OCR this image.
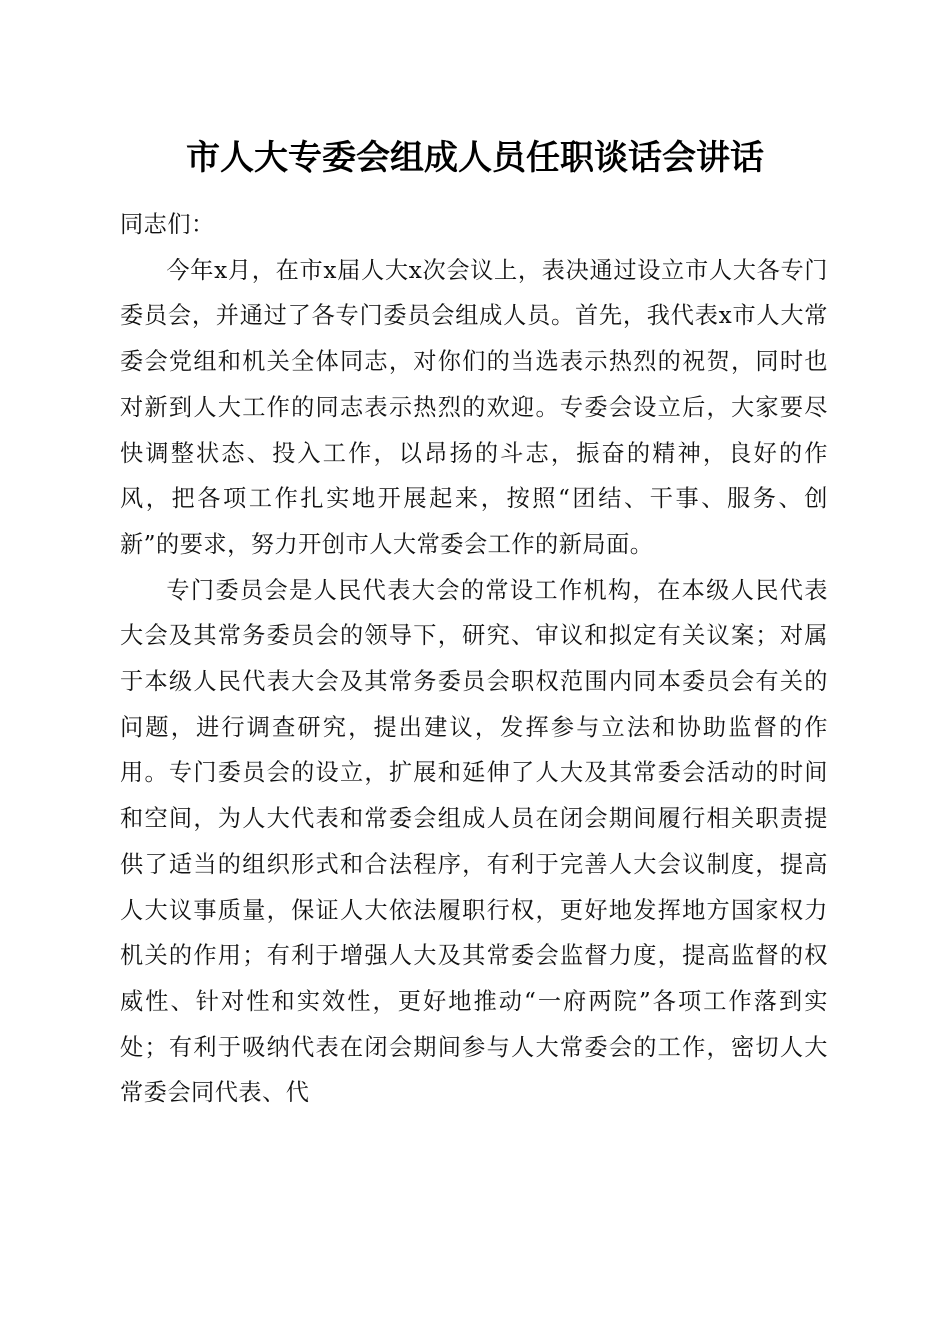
市人大专委会组成人员任职谈话会讲话

同志们：

今年x月，在市x届人大x次会议上，表决通过设立市人大各专门委员会，并通过了各专门委员会组成人员。首先，我代表x市人大常委会党组和机关全体同志，对你们的当选表示热烈的祝贺，同时也对新到人大工作的同志表示热烈的欢迎。专委会设立后，大家要尽快调整状态、投入工作，以昂扬的斗志，振奋的精神，良好的作风，把各项工作扎实地开展起来，按照“团结、干事、服务、创新”的要求，努力开创市人大常委会工作的新局面。

专门委员会是人民代表大会的常设工作机构，在本级人民代表大会及其常务委员会的领导下，研究、审议和拟定有关议案；对属于本级人民代表大会及其常务委员会职权范围内同本委员会有关的问题，进行调查研究，提出建议，发挥参与立法和协助监督的作用。专门委员会的设立，扩展和延伸了人大及其常委会活动的时间和空间，为人大代表和常委会组成人员在闭会期间履行相关职责提供了适当的组织形式和合法程序，有利于完善人大会议制度，提高人大议事质量，保证人大依法履职行权，更好地发挥地方国家权力机关的作用；有利于增强人大及其常委会监督力度，提高监督的权威性、针对性和实效性，更好地推动“一府两院”各项工作落到实处；有利于吸纳代表在闭会期间参与人大常委会的工作，密切人大常委会同代表、代
